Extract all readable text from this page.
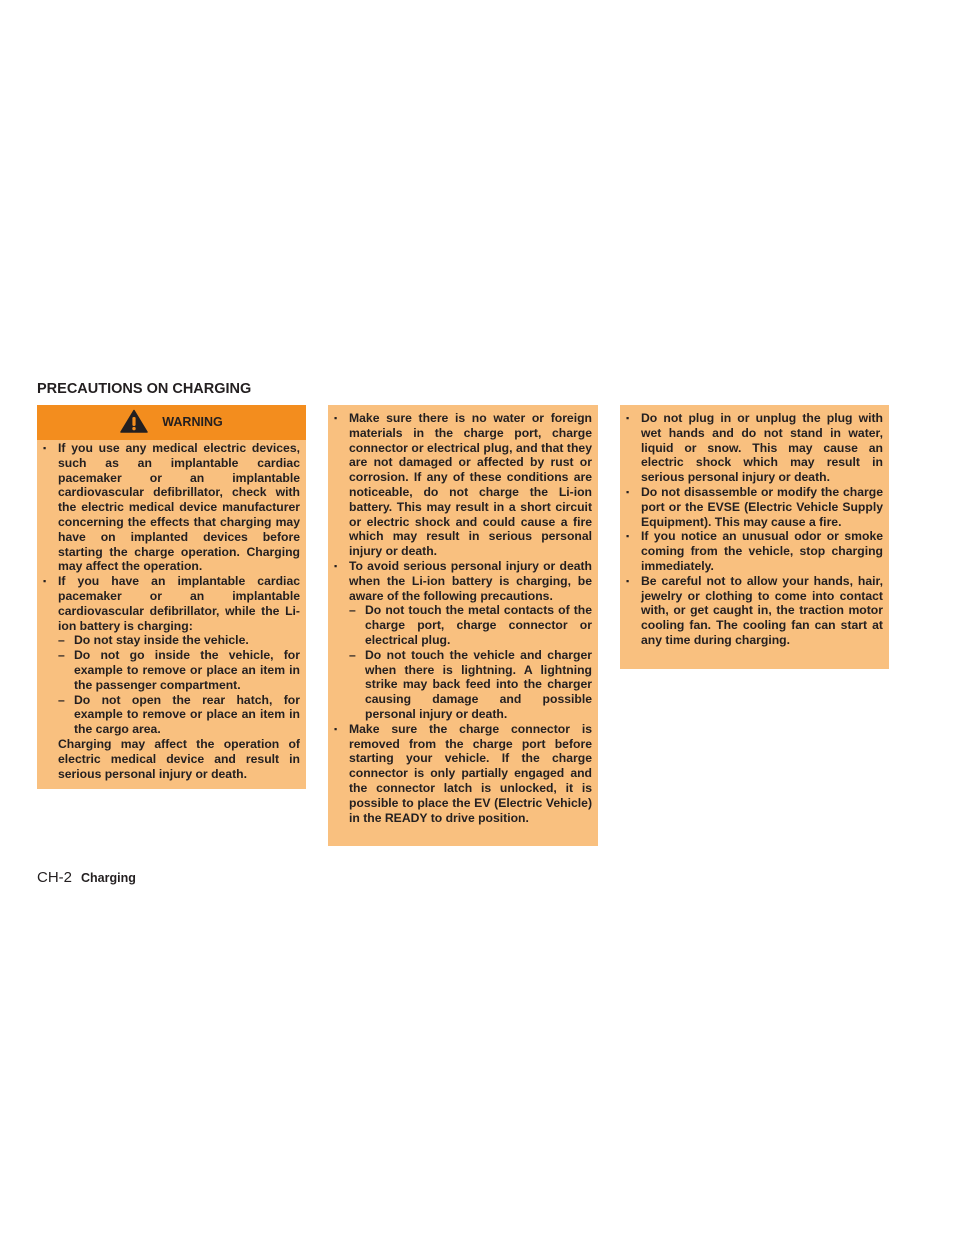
PRECAUTIONS ON CHARGING
WARNING
▪ If you use any medical electric devices, such as an implantable cardiac pacemaker or an implantable cardiovascular defibrillator, check with the electric medical device manufacturer concerning the effects that charging may have on implanted devices before starting the charge operation. Charging may affect the operation.
▪ If you have an implantable cardiac pacemaker or an implantable cardiovascular defibrillator, while the Li-ion battery is charging:
– Do not stay inside the vehicle.
– Do not go inside the vehicle, for example to remove or place an item in the passenger compartment.
– Do not open the rear hatch, for example to remove or place an item in the cargo area.
Charging may affect the operation of electric medical device and result in serious personal injury or death.
▪ Make sure there is no water or foreign materials in the charge port, charge connector or electrical plug, and that they are not damaged or affected by rust or corrosion. If any of these conditions are noticeable, do not charge the Li-ion battery. This may result in a short circuit or electric shock and could cause a fire which may result in serious personal injury or death.
▪ To avoid serious personal injury or death when the Li-ion battery is charging, be aware of the following precautions.
– Do not touch the metal contacts of the charge port, charge connector or electrical plug.
– Do not touch the vehicle and charger when there is lightning. A lightning strike may back feed into the charger causing damage and possible personal injury or death.
▪ Make sure the charge connector is removed from the charge port before starting your vehicle. If the charge connector is only partially engaged and the connector latch is unlocked, it is possible to place the EV (Electric Vehicle) in the READY to drive position.
▪ Do not plug in or unplug the plug with wet hands and do not stand in water, liquid or snow. This may cause an electric shock which may result in serious personal injury or death.
▪ Do not disassemble or modify the charge port or the EVSE (Electric Vehicle Supply Equipment). This may cause a fire.
▪ If you notice an unusual odor or smoke coming from the vehicle, stop charging immediately.
▪ Be careful not to allow your hands, hair, jewelry or clothing to come into contact with, or get caught in, the traction motor cooling fan. The cooling fan can start at any time during charging.
CH-2 Charging
